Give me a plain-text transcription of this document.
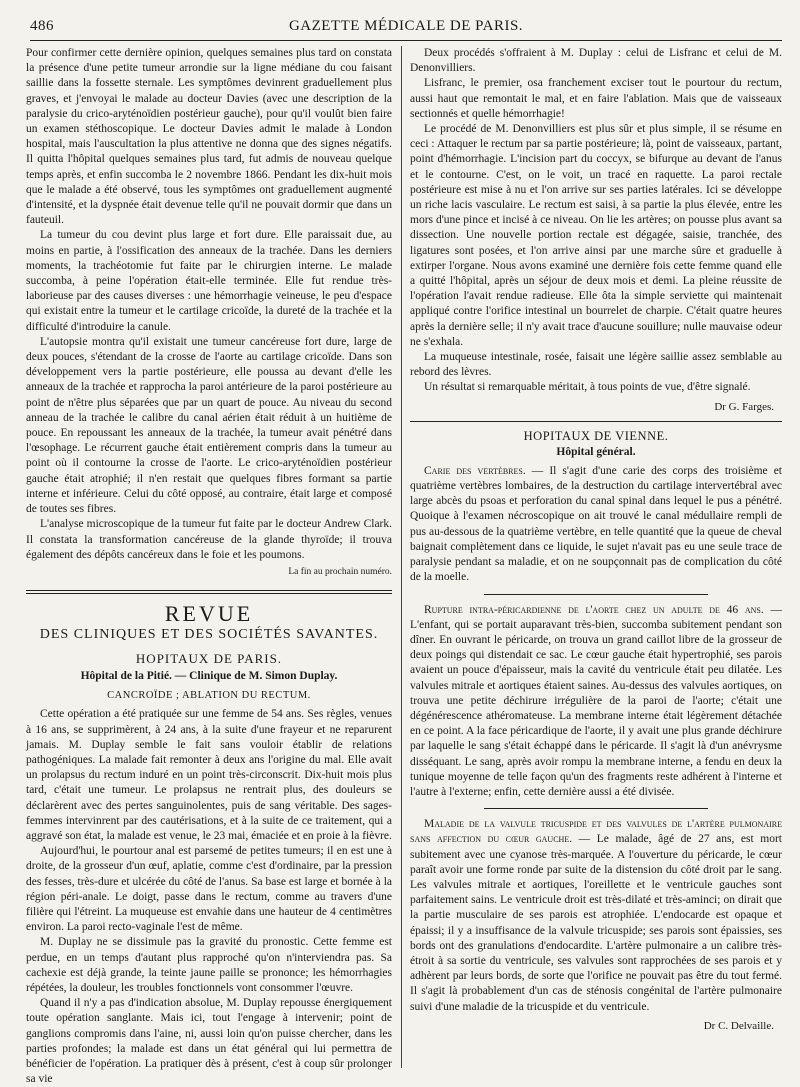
486	GAZETTE MÉDICALE DE PARIS.

Pour confirmer cette dernière opinion, quelques semaines plus tard on constata la présence d'une petite tumeur arrondie sur la ligne médiane du cou faisant saillie dans la fossette sternale. Les symptômes devinrent graduellement plus graves, et j'envoyai le malade au docteur Davies (avec une description de la paralysie du crico-aryténoïdien postérieur gauche), pour qu'il voulût bien faire un examen stéthoscopique. Le docteur Davies admit le malade à London hospital, mais l'auscultation la plus attentive ne donna que des signes négatifs. Il quitta l'hôpital quelques semaines plus tard, fut admis de nouveau quelque temps après, et enfin succomba le 2 novembre 1866. Pendant les dix-huit mois que le malade a été observé, tous les symptômes ont graduellement augmenté d'intensité, et la dyspnée était devenue telle qu'il ne pouvait dormir que dans un fauteuil.

La tumeur du cou devint plus large et fort dure. Elle paraissait due, au moins en partie, à l'ossification des anneaux de la trachée. Dans les derniers moments, la trachéotomie fut faite par le chirurgien interne. Le malade succomba, à peine l'opération était-elle terminée. Elle fut rendue très-laborieuse par des causes diverses : une hémorrhagie veineuse, le peu d'espace qui existait entre la tumeur et le cartilage cricoïde, la dureté de la trachée et la difficulté d'introduire la canule.

L'autopsie montra qu'il existait une tumeur cancéreuse fort dure, large de deux pouces, s'étendant de la crosse de l'aorte au cartilage cricoïde. Dans son développement vers la partie postérieure, elle poussa au devant d'elle les anneaux de la trachée et rapprocha la paroi antérieure de la paroi postérieure au point de n'être plus séparées que par un quart de pouce. Au niveau du second anneau de la trachée le calibre du canal aérien était réduit à un huitième de pouce. En repoussant les anneaux de la trachée, la tumeur avait pénétré dans l'œsophage. Le récurrent gauche était entièrement compris dans la tumeur au point où il contourne la crosse de l'aorte. Le crico-aryténoïdien postérieur gauche était atrophié; il n'en restait que quelques fibres formant sa partie interne et inférieure. Celui du côté opposé, au contraire, était large et composé de toutes ses fibres.

L'analyse microscopique de la tumeur fut faite par le docteur Andrew Clark. Il constata la transformation cancéreuse de la glande thyroïde; il trouva également des dépôts cancéreux dans le foie et les poumons.

La fin au prochain numéro.
REVUE
DES CLINIQUES ET DES SOCIÉTÉS SAVANTES.
HOPITAUX DE PARIS.
Hôpital de la Pitié. — Clinique de M. Simon Duplay.
CANCROÏDE ; ABLATION DU RECTUM.

Cette opération a été pratiquée sur une femme de 54 ans. Ses règles, venues à 16 ans, se supprimèrent, à 24 ans, à la suite d'une frayeur et ne reparurent jamais. M. Duplay semble le fait sans vouloir établir de relations pathogéniques. La malade fait remonter à deux ans l'origine du mal. Elle avait un prolapsus du rectum induré en un point très-circonscrit. Dix-huit mois plus tard, c'était une tumeur. Le prolapsus ne rentrait plus, des douleurs se déclarèrent avec des pertes sanguinolentes, puis de sang véritable. Des sages-femmes intervinrent par des cautérisations, et à la suite de ce traitement, qui a aggravé son état, la malade est venue, le 23 mai, émaciée et en proie à la fièvre.

Aujourd'hui, le pourtour anal est parsemé de petites tumeurs; il en est une à droite, de la grosseur d'un œuf, aplatie, comme c'est d'ordinaire, par la pression des fesses, très-dure et ulcérée du côté de l'anus. Sa base est large et bornée à la région péri-anale. Le doigt, passe dans le rectum, comme au travers d'une filière qui l'étreint. La muqueuse est envahie dans une hauteur de 4 centimètres environ. La paroi recto-vaginale l'est de même.

M. Duplay ne se dissimule pas la gravité du pronostic. Cette femme est perdue, en un temps d'autant plus rapproché qu'on n'interviendra pas. Sa cachexie est déjà grande, la teinte jaune paille se prononce; les hémorrhagies répétées, la douleur, les troubles fonctionnels vont consommer l'œuvre.

Quand il n'y a pas d'indication absolue, M. Duplay repousse énergiquement toute opération sanglante. Mais ici, tout l'engage à intervenir; point de ganglions compromis dans l'aine, ni, aussi loin qu'on puisse chercher, dans les parties profondes; la malade est dans un état général qui lui permettra de bénéficier de l'opération. La pratiquer dès à présent, c'est à coup sûr prolonger sa vie

Deux procédés s'offraient à M. Duplay : celui de Lisfranc et celui de M. Denonvilliers.

Lisfranc, le premier, osa franchement exciser tout le pourtour du rectum, aussi haut que remontait le mal, et en faire l'ablation. Mais que de vaisseaux sectionnés et quelle hémorrhagie!

Le procédé de M. Denonvilliers est plus sûr et plus simple, il se résume en ceci : Attaquer le rectum par sa partie postérieure; là, point de vaisseaux, partant, point d'hémorrhagie. L'incision part du coccyx, se bifurque au devant de l'anus et le contourne. C'est, on le voit, un tracé en raquette. La paroi rectale postérieure est mise à nu et l'on arrive sur ses parties latérales. Ici se développe un riche lacis vasculaire. Le rectum est saisi, à sa partie la plus élevée, entre les mors d'une pince et incisé à ce niveau. On lie les artères; on pousse plus avant sa dissection. Une nouvelle portion rectale est dégagée, saisie, tranchée, des ligatures sont posées, et l'on arrive ainsi par une marche sûre et graduelle à extirper l'organe. Nous avons examiné une dernière fois cette femme quand elle a quitté l'hôpital, après un séjour de deux mois et demi. La pleine réussite de l'opération l'avait rendue radieuse. Elle ôta la simple serviette qui maintenait appliqué contre l'orifice intestinal un bourrelet de charpie. C'était quatre heures après la dernière selle; il n'y avait trace d'aucune souillure; nulle mauvaise odeur ne s'exhala.

La muqueuse intestinale, rosée, faisait une légère saillie assez semblable au rebord des lèvres.

Un résultat si remarquable méritait, à tous points de vue, d'être signalé.

Dr G. Farges.
HOPITAUX DE VIENNE.
Hôpital général.

Carie des vertèbres. — Il s'agit d'une carie des corps des troisième et quatrième vertèbres lombaires, de la destruction du cartilage intervertébral avec large abcès du psoas et perforation du canal spinal dans lequel le pus a pénétré. Quoique à l'examen nécroscopique on ait trouvé le canal médullaire rempli de pus au-dessous de la quatrième vertèbre, en telle quantité que la queue de cheval baignait complètement dans ce liquide, le sujet n'avait pas eu une seule trace de paralysie pendant sa maladie, et on ne soupçonnait pas de complication du côté de la moelle.

Rupture intra-péricardienne de l'aorte chez un adulte de 46 ans. — L'enfant, qui se portait auparavant très-bien, succomba subitement pendant son dîner. En ouvrant le péricarde, on trouva un grand caillot libre de la grosseur de deux poings qui distendait ce sac. Le cœur gauche était hypertrophié, ses parois avaient un pouce d'épaisseur, mais la cavité du ventricule était peu dilatée. Les valvules mitrale et aortiques étaient saines. Au-dessus des valvules aortiques, on trouva une petite déchirure irrégulière de la paroi de l'aorte; c'était une dégénérescence athéromateuse. La membrane interne était légèrement détachée en ce point. A la face péricardique de l'aorte, il y avait une plus grande déchirure par laquelle le sang s'était échappé dans le péricarde. Il s'agit là d'un anévrysme disséquant. Le sang, après avoir rompu la membrane interne, a fendu en deux la tunique moyenne de telle façon qu'un des fragments reste adhérent à l'interne et l'autre à l'externe; enfin, cette dernière aussi a été divisée.

Maladie de la valvule tricuspide et des valvules de l'artère pulmonaire sans affection du cœur gauche. — Le malade, âgé de 27 ans, est mort subitement avec une cyanose très-marquée. A l'ouverture du péricarde, le cœur paraît avoir une forme ronde par suite de la distension du côté droit par le sang. Les valvules mitrale et aortiques, l'oreillette et le ventricule gauches sont parfaitement sains. Le ventricule droit est très-dilaté et très-aminci; on dirait que la partie musculaire de ses parois est atrophiée. L'endocarde est opaque et épaissi; il y a insuffisance de la valvule tricuspide; ses parois sont épaissies, ses bords ont des granulations d'endocardite. L'artère pulmonaire a un calibre très-étroit à sa sortie du ventricule, ses valvules sont rapprochées de ses parois et y adhèrent par leurs bords, de sorte que l'orifice ne pouvait pas être du tout fermé. Il s'agit là probablement d'un cas de sténosis congénital de l'artère pulmonaire suivi d'une maladie de la tricuspide et du ventricule.

Dr C. Delvaille.
